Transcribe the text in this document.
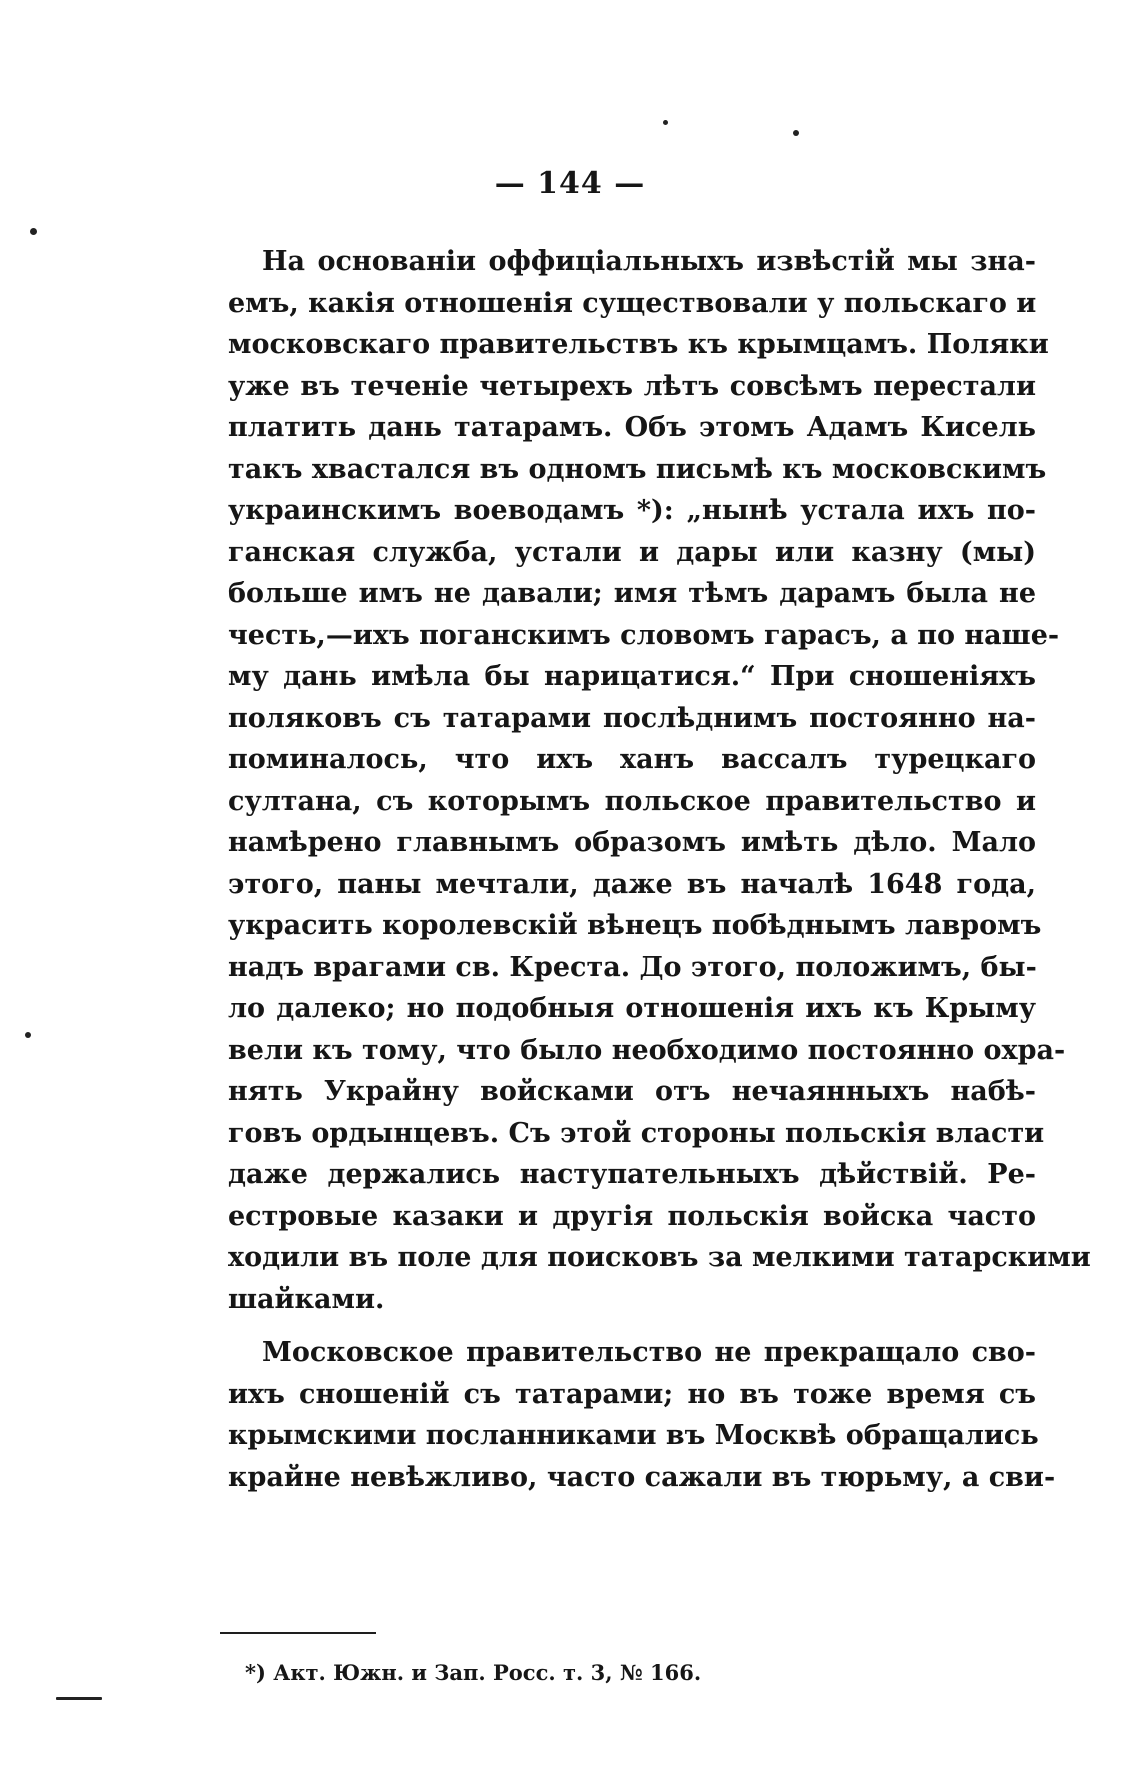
— 144 —
На основаніи оффиціальныхъ извѣстій мы зна-
емъ, какія отношенія существовали у польскаго и
московскаго правительствъ къ крымцамъ. Поляки
уже въ теченіе четырехъ лѣтъ совсѣмъ перестали
платить дань татарамъ. Объ этомъ Адамъ Кисель
такъ хвастался въ одномъ письмѣ къ московскимъ
украинскимъ воеводамъ *): „нынѣ устала ихъ по-
ганская служба, устали и дары или казну (мы)
больше имъ не давали; имя тѣмъ дарамъ была не
честь,—ихъ поганскимъ словомъ гарасъ, а по наше-
му дань имѣла бы нарицатися.“ При сношеніяхъ
поляковъ съ татарами послѣднимъ постоянно на-
поминалось, что ихъ ханъ вассалъ турецкаго
султана, съ которымъ польское правительство и
намѣрено главнымъ образомъ имѣть дѣло. Мало
этого, паны мечтали, даже въ началѣ 1648 года,
украсить королевскій вѣнецъ побѣднымъ лавромъ
надъ врагами св. Креста. До этого, положимъ, бы-
ло далеко; но подобныя отношенія ихъ къ Крыму
вели къ тому, что было необходимо постоянно охра-
нять Украйну войсками отъ нечаянныхъ набѣ-
говъ ордынцевъ. Съ этой стороны польскія власти
даже держались наступательныхъ дѣйствій. Ре-
естровые казаки и другія польскія войска часто
ходили въ поле для поисковъ за мелкими татарскими
шайками.
Московское правительство не прекращало сво-
ихъ сношеній съ татарами; но въ тоже время съ
крымскими посланниками въ Москвѣ обращались
крайне невѣжливо, часто сажали въ тюрьму, а сви-
*) Акт. Южн. и Зап. Росс. т. 3, № 166.
